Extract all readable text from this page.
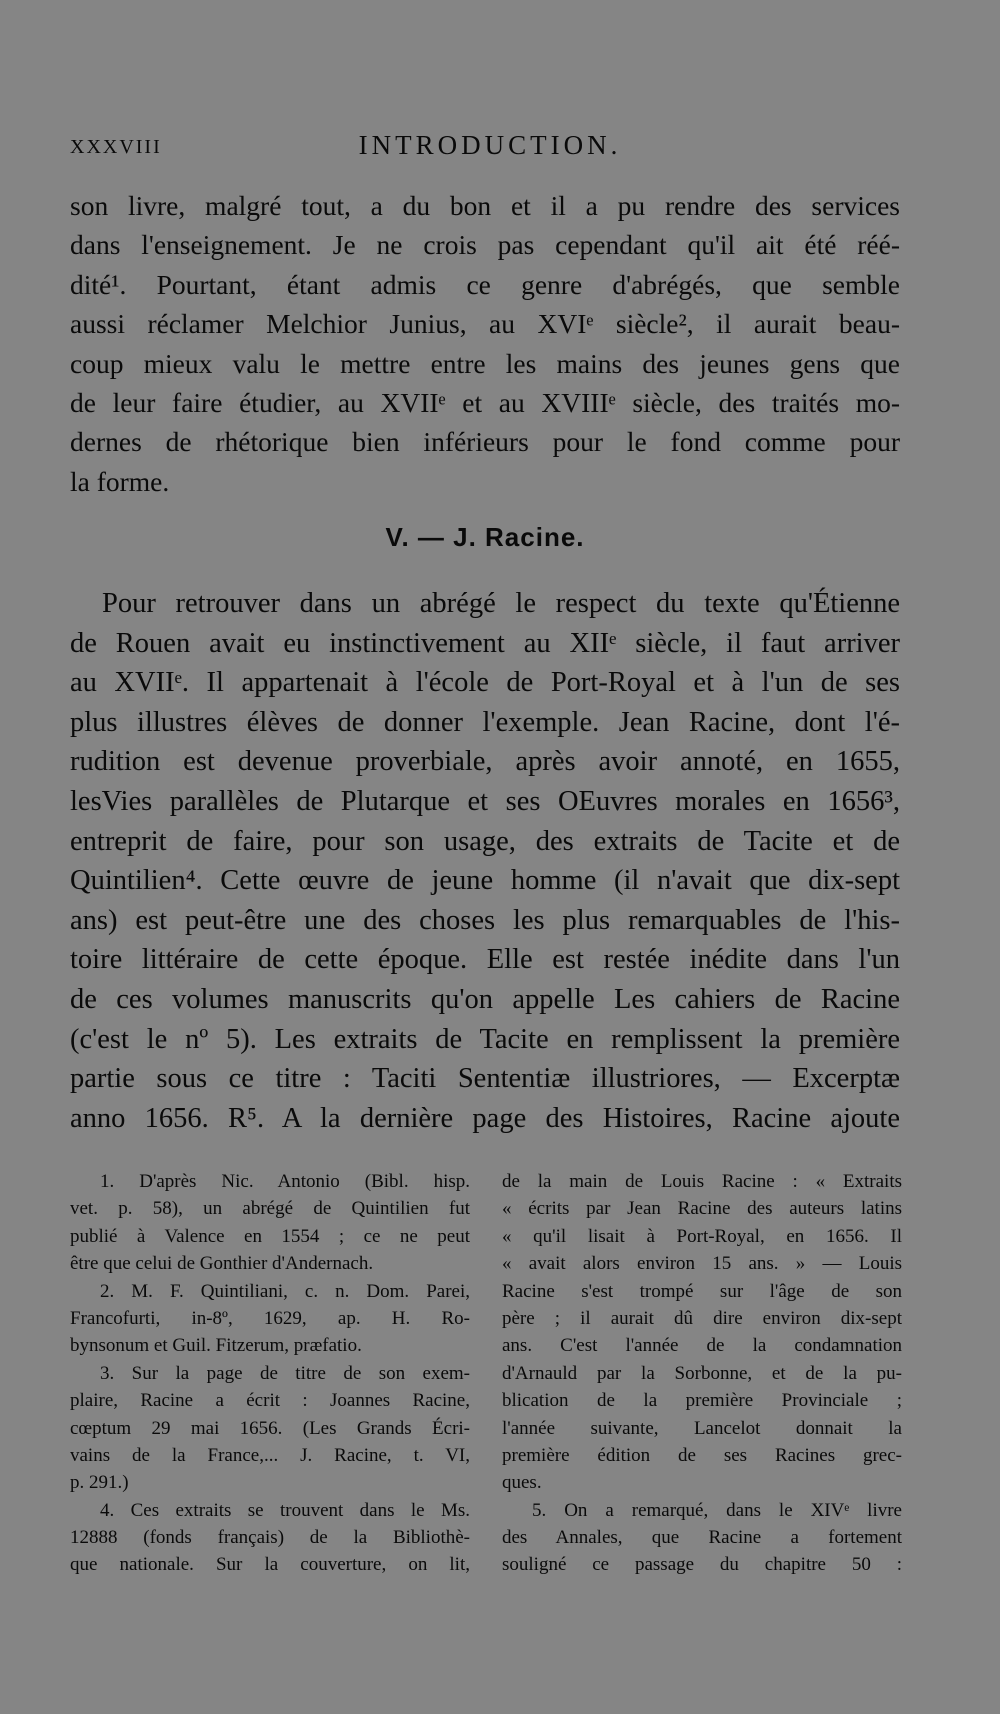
XXXVIII	INTRODUCTION.
son livre, malgré tout, a du bon et il a pu rendre des services
dans l'enseignement. Je ne crois pas cependant qu'il ait été réé-
dité¹. Pourtant, étant admis ce genre d'abrégés, que semble
aussi réclamer Melchior Junius, au XVIᵉ siècle², il aurait beau-
coup mieux valu le mettre entre les mains des jeunes gens que
de leur faire étudier, au XVIIᵉ et au XVIIIᵉ siècle, des traités mo-
dernes de rhétorique bien inférieurs pour le fond comme pour
la forme.
V. — J. Racine.
Pour retrouver dans un abrégé le respect du texte qu'Étienne
de Rouen avait eu instinctivement au XIIᵉ siècle, il faut arriver
au XVIIᵉ. Il appartenait à l'école de Port-Royal et à l'un de ses
plus illustres élèves de donner l'exemple. Jean Racine, dont l'é-
rudition est devenue proverbiale, après avoir annoté, en 1655,
lesVies parallèles de Plutarque et ses OEuvres morales en 1656³,
entreprit de faire, pour son usage, des extraits de Tacite et de
Quintilien⁴. Cette œuvre de jeune homme (il n'avait que dix-sept
ans) est peut-être une des choses les plus remarquables de l'his-
toire littéraire de cette époque. Elle est restée inédite dans l'un
de ces volumes manuscrits qu'on appelle Les cahiers de Racine
(c'est le nº 5). Les extraits de Tacite en remplissent la première
partie sous ce titre : Taciti Sententiæ illustriores, — Excerptæ
anno 1656. R⁵. A la dernière page des Histoires, Racine ajoute
1. D'après Nic. Antonio (Bibl. hisp.
vet. p. 58), un abrégé de Quintilien fut
publié à Valence en 1554 ; ce ne peut
être que celui de Gonthier d'Andernach.
2. M. F. Quintiliani, c. n. Dom. Parei,
Francofurti, in-8º, 1629, ap. H. Ro-
bynsonum et Guil. Fitzerum, præfatio.
3. Sur la page de titre de son exem-
plaire, Racine a écrit : Joannes Racine,
cœptum 29 mai 1656. (Les Grands Écri-
vains de la France,... J. Racine, t. VI,
p. 291.)
4. Ces extraits se trouvent dans le Ms.
12888 (fonds français) de la Bibliothè-
que nationale. Sur la couverture, on lit,
de la main de Louis Racine : « Extraits
« écrits par Jean Racine des auteurs latins
« qu'il lisait à Port-Royal, en 1656. Il
« avait alors environ 15 ans. » — Louis
Racine s'est trompé sur l'âge de son
père ; il aurait dû dire environ dix-sept
ans. C'est l'année de la condamnation
d'Arnauld par la Sorbonne, et de la pu-
blication de la première Provinciale ;
l'année suivante, Lancelot donnait la
première édition de ses Racines grec-
ques.
5. On a remarqué, dans le XIVᵉ livre
des Annales, que Racine a fortement
souligné ce passage du chapitre 50 :
